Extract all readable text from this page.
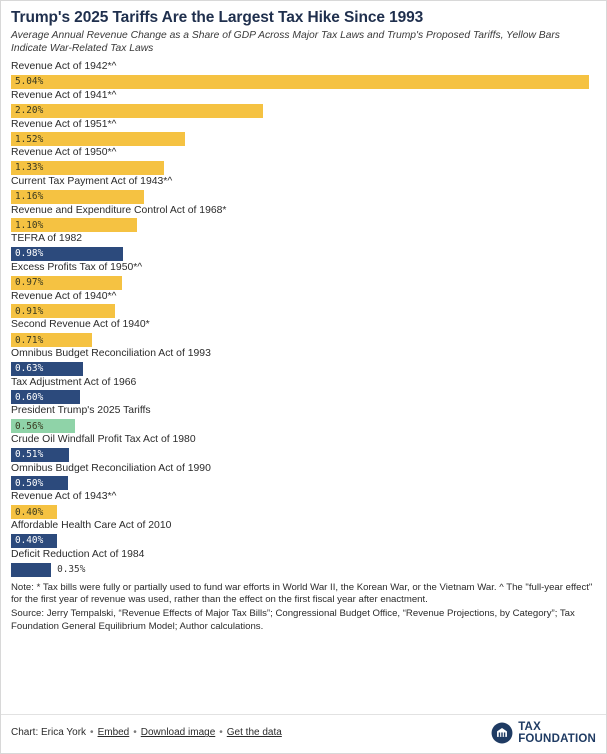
Trump's 2025 Tariffs Are the Largest Tax Hike Since 1993
Average Annual Revenue Change as a Share of GDP Across Major Tax Laws and Trump's Proposed Tariffs, Yellow Bars Indicate War-Related Tax Laws
Revenue Act of 1942*^
5.04%
Revenue Act of 1941*^
2.20%
Revenue Act of 1951*^
1.52%
Revenue Act of 1950*^
1.33%
Current Tax Payment Act of 1943*^
1.16%
Revenue and Expenditure Control Act of 1968*
1.10%
TEFRA of 1982
0.98%
Excess Profits Tax of 1950*^
0.97%
Revenue Act of 1940*^
0.91%
Second Revenue Act of 1940*
0.71%
Omnibus Budget Reconciliation Act of 1993
0.63%
Tax Adjustment Act of 1966
0.60%
President Trump's 2025 Tariffs
0.56%
Crude Oil Windfall Profit Tax Act of 1980
0.51%
Omnibus Budget Reconciliation Act of 1990
0.50%
Revenue Act of 1943*^
0.40%
Affordable Health Care Act of 2010
0.40%
Deficit Reduction Act of 1984
0.35%

Note: * Tax bills were fully or partially used to fund war efforts in World War II, the Korean War, or the Vietnam War. ^ The "full-year effect" for the first year of revenue was used, rather than the effect on the first fiscal year after enactment.

Source: Jerry Tempalski, “Revenue Effects of Major Tax Bills”; Congressional Budget Office, “Revenue Projections, by Category”; Tax Foundation General Equilibrium Model; Author calculations.

Chart: Erica York • Embed • Download image • Get the data
TAX
FOUNDATION
